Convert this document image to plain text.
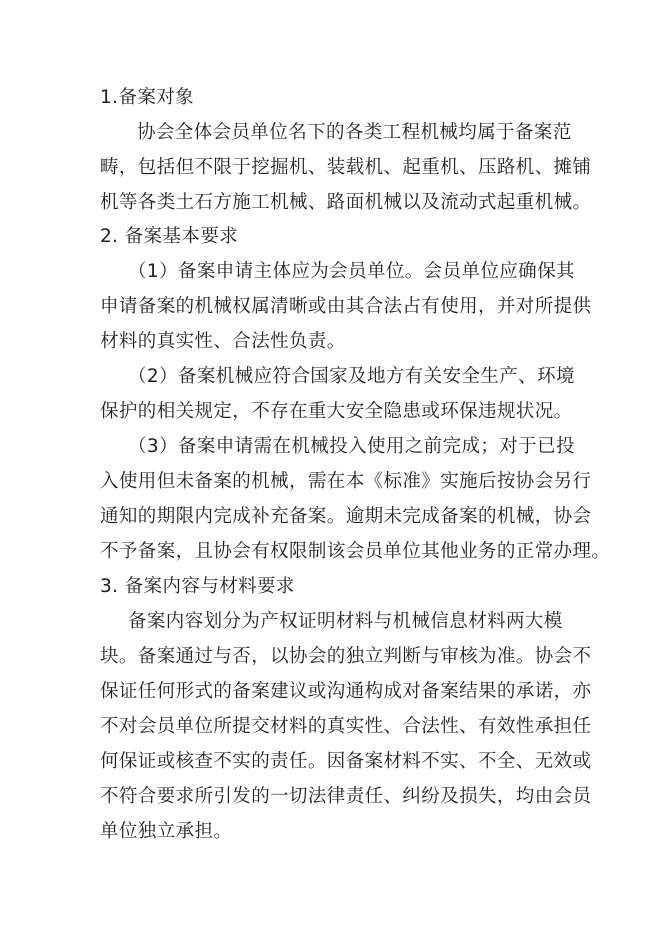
1.备案对象
协会全体会员单位名下的各类工程机械均属于备案范
畴，包括但不限于挖掘机、装载机、起重机、压路机、摊铺
机等各类土石方施工机械、路面机械以及流动式起重机械。
2. 备案基本要求
（1）备案申请主体应为会员单位。会员单位应确保其
申请备案的机械权属清晰或由其合法占有使用，并对所提供
材料的真实性、合法性负责。
（2）备案机械应符合国家及地方有关安全生产、环境
保护的相关规定，不存在重大安全隐患或环保违规状况。
（3）备案申请需在机械投入使用之前完成；对于已投
入使用但未备案的机械，需在本《标准》实施后按协会另行
通知的期限内完成补充备案。逾期未完成备案的机械，协会
不予备案，且协会有权限制该会员单位其他业务的正常办理。
3. 备案内容与材料要求
备案内容划分为产权证明材料与机械信息材料两大模
块。备案通过与否，以协会的独立判断与审核为准。协会不
保证任何形式的备案建议或沟通构成对备案结果的承诺，亦
不对会员单位所提交材料的真实性、合法性、有效性承担任
何保证或核查不实的责任。因备案材料不实、不全、无效或
不符合要求所引发的一切法律责任、纠纷及损失，均由会员
单位独立承担。
